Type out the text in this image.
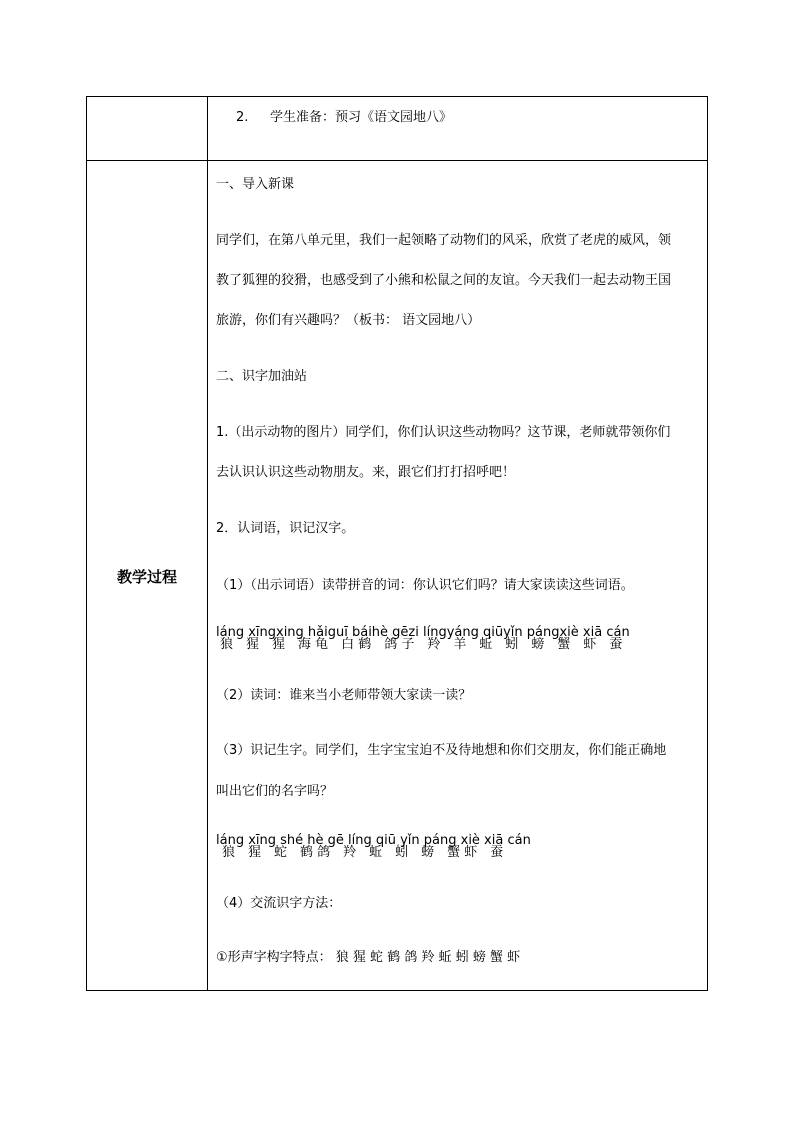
教学过程
2. 学生准备：预习《语文园地八》
一、导入新课
同学们，在第八单元里，我们一起领略了动物们的风采，欣赏了老虎的威风，领
教了狐狸的狡猾，也感受到了小熊和松鼠之间的友谊。今天我们一起去动物王国
旅游，你们有兴趣吗？（板书： 语文园地八）
二、识字加油站
1.（出示动物的图片）同学们，你们认识这些动物吗？这节课，老师就带领你们
去认识认识这些动物朋友。来，跟它们打打招呼吧！
2．认词语，识记汉字。
（1）（出示词语）读带拼音的词：你认识它们吗？请大家读读这些词语。
láng xīngxing hǎiguī báihè gēzi língyáng qiūyǐn pángxiè xiā cán
狼　猩　猩　海 龟　白 鹤　鸽 子　羚　羊　蚯　蚓　螃　蟹　虾　蚕
（2）读词：谁来当小老师带领大家读一读？
（3）识记生字。同学们，生字宝宝迫不及待地想和你们交朋友，你们能正确地
叫出它们的名字吗？
láng xīng shé hè gē líng qiū yǐn páng xiè xiā cán
狼　猩　蛇　鹤 鸽　羚　蚯　蚓　螃　蟹 虾　蚕
（4）交流识字方法：
①形声字构字特点： 狼 猩 蛇 鹤 鸽 羚 蚯 蚓 螃 蟹 虾
